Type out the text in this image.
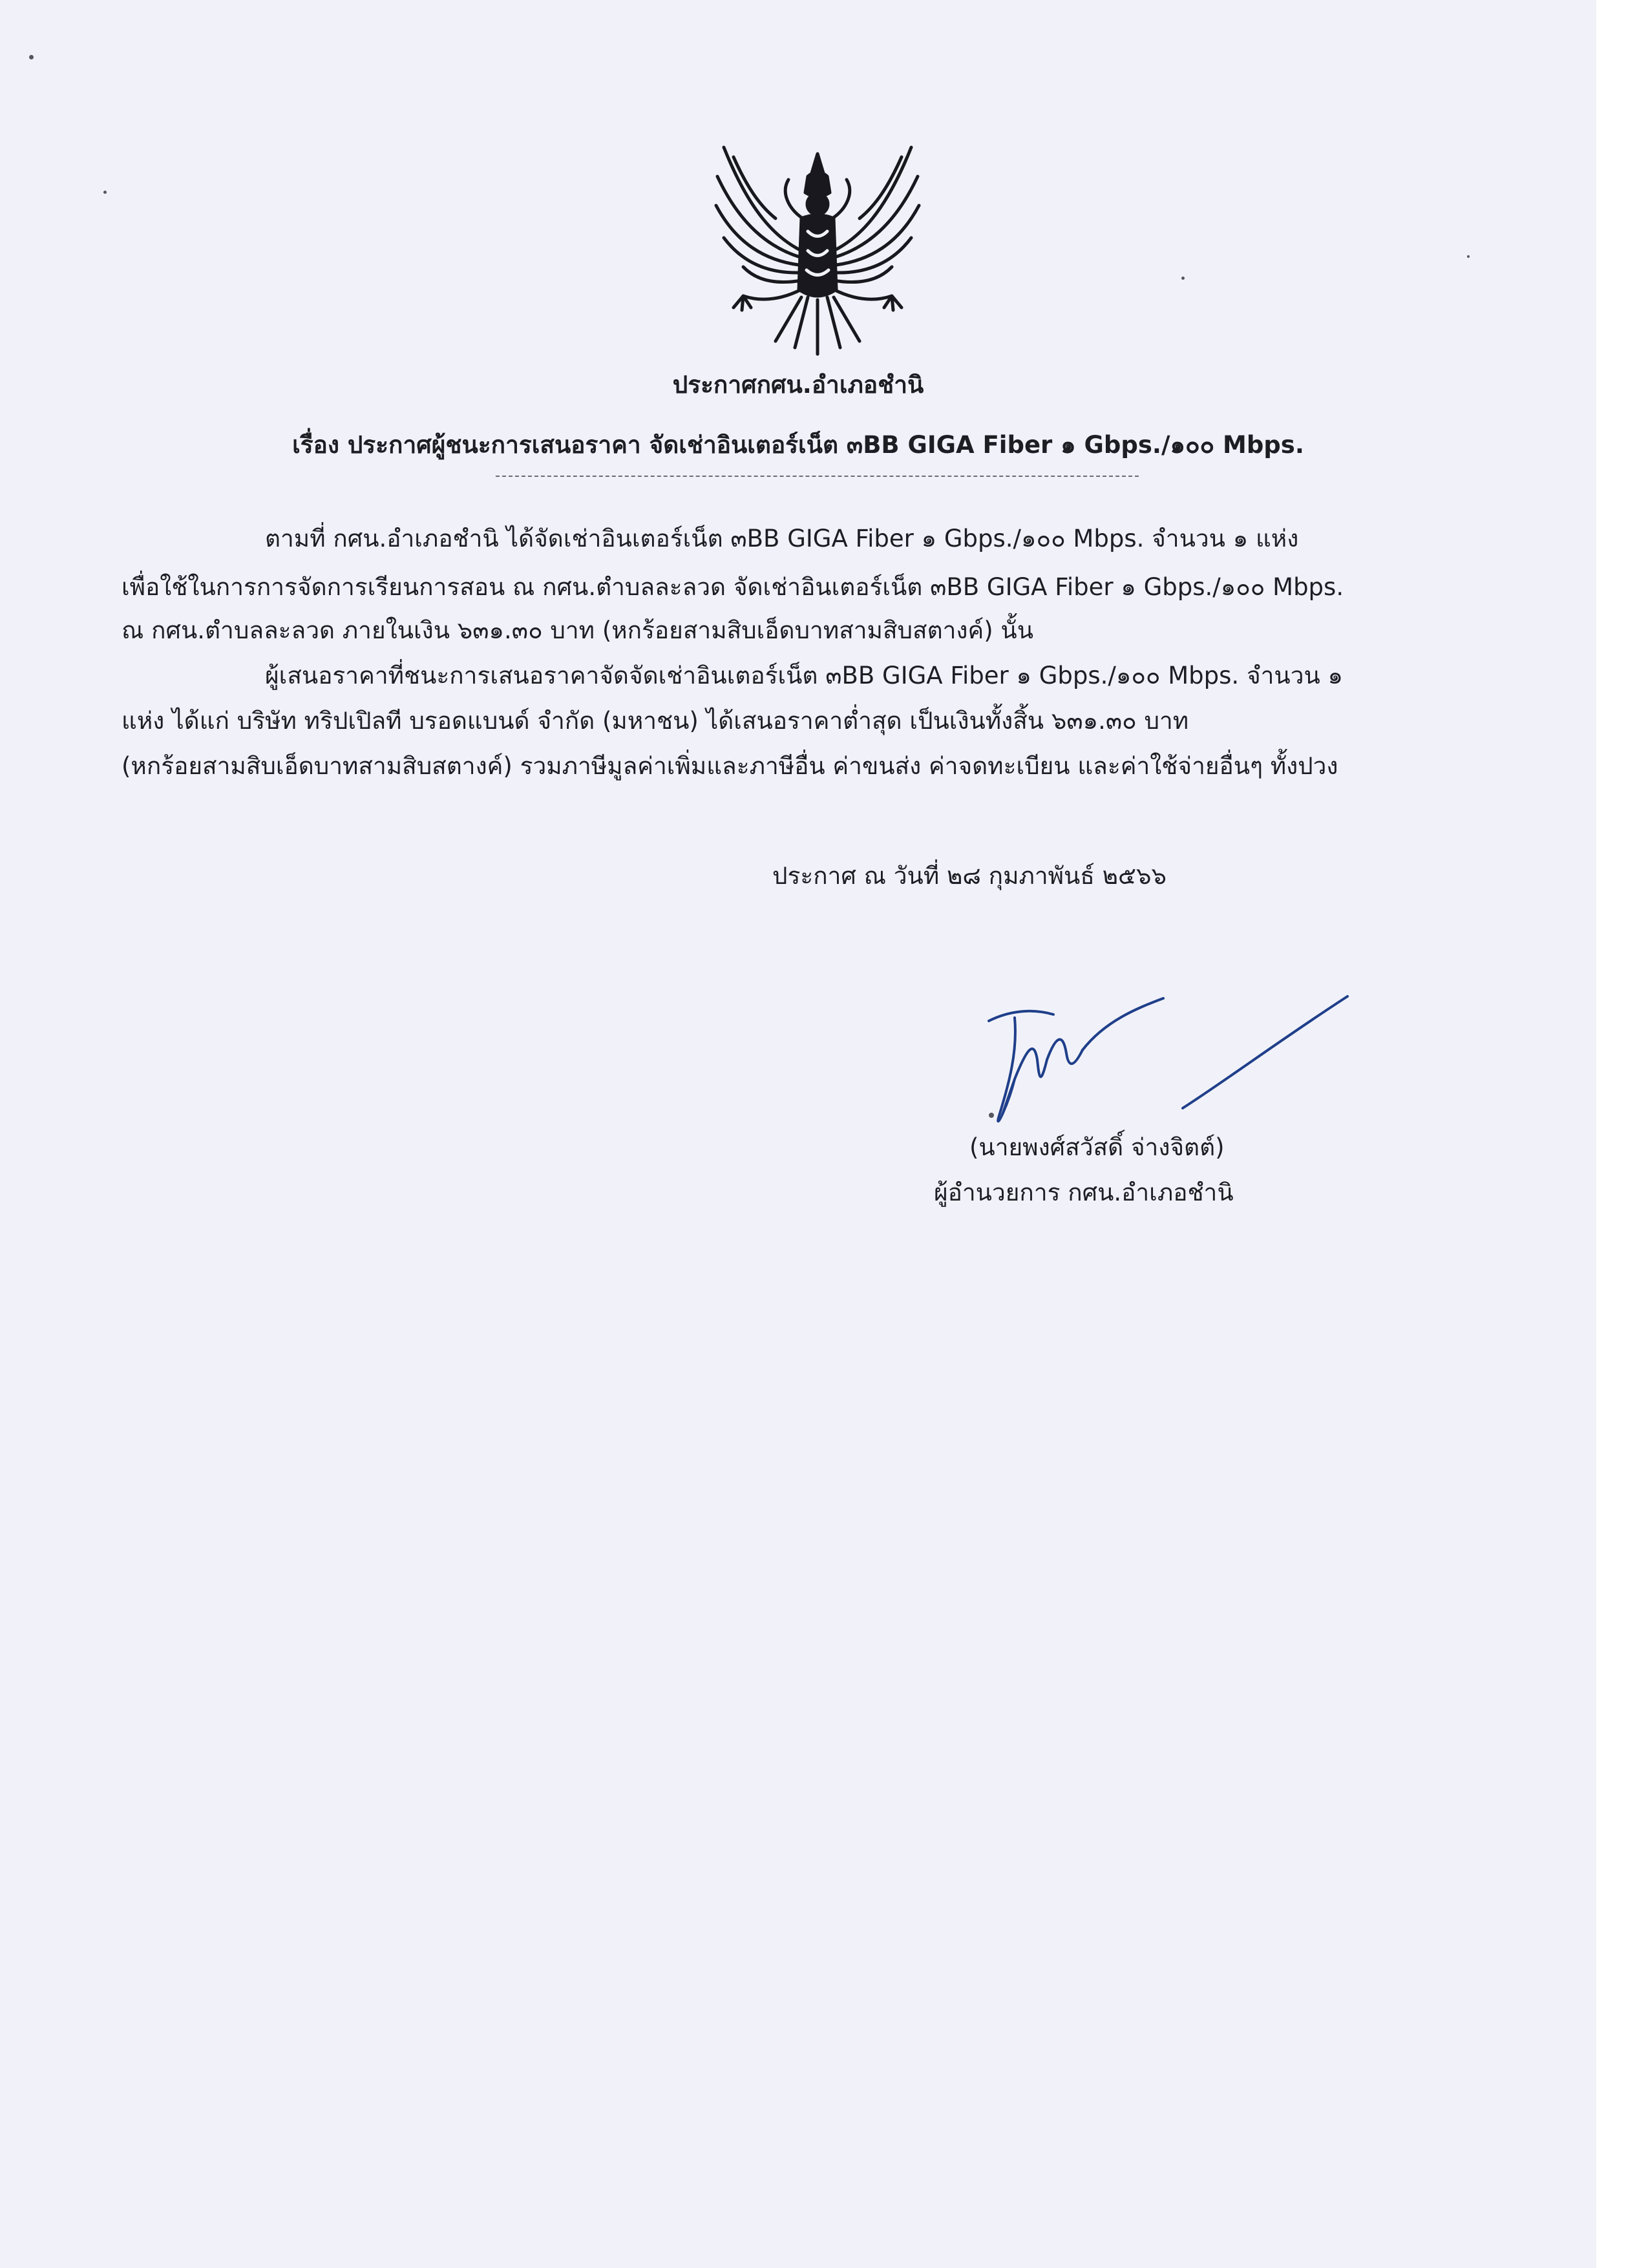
ประกาศกศน.อำเภอชำนิ
เรื่อง ประกาศผู้ชนะการเสนอราคา จัดเช่าอินเตอร์เน็ต ๓BB GIGA Fiber ๑ Gbps./๑๐๐ Mbps.
ตามที่ กศน.อำเภอชำนิ ได้จัดเช่าอินเตอร์เน็ต ๓BB GIGA Fiber ๑ Gbps./๑๐๐ Mbps. จำนวน ๑ แห่ง
เพื่อใช้ในการการจัดการเรียนการสอน ณ กศน.ตำบลละลวด จัดเช่าอินเตอร์เน็ต ๓BB GIGA Fiber ๑ Gbps./๑๐๐ Mbps.
ณ กศน.ตำบลละลวด ภายในเงิน ๖๓๑.๓๐ บาท (หกร้อยสามสิบเอ็ดบาทสามสิบสตางค์) นั้น
ผู้เสนอราคาที่ชนะการเสนอราคาจัดจัดเช่าอินเตอร์เน็ต ๓BB GIGA Fiber ๑ Gbps./๑๐๐ Mbps. จำนวน ๑
แห่ง ได้แก่ บริษัท ทริปเปิลที บรอดแบนด์ จำกัด (มหาชน) ได้เสนอราคาต่ำสุด เป็นเงินทั้งสิ้น ๖๓๑.๓๐ บาท
(หกร้อยสามสิบเอ็ดบาทสามสิบสตางค์) รวมภาษีมูลค่าเพิ่มและภาษีอื่น ค่าขนส่ง ค่าจดทะเบียน และค่าใช้จ่ายอื่นๆ ทั้งปวง
ประกาศ ณ วันที่ ๒๘ กุมภาพันธ์ ๒๕๖๖
(นายพงศ์สวัสดิ์ จ่างจิตต์)
ผู้อำนวยการ กศน.อำเภอชำนิ
